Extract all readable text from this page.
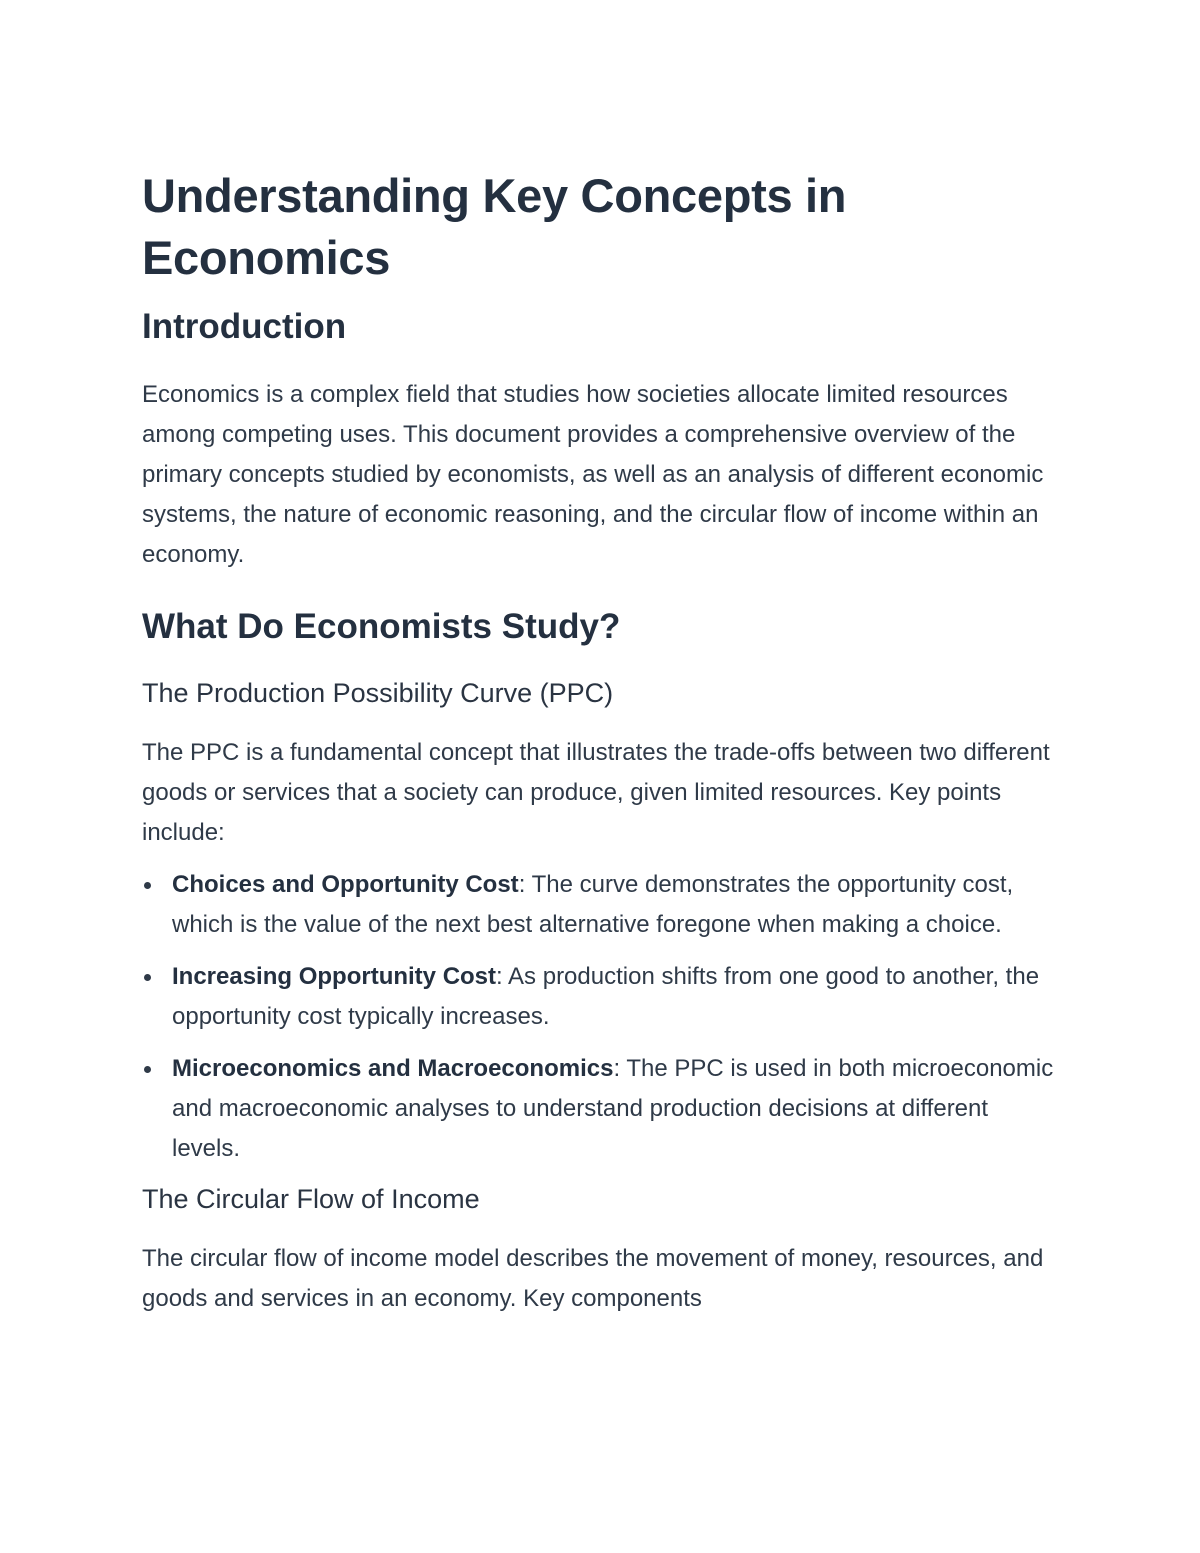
Understanding Key Concepts in Economics
Introduction

Economics is a complex field that studies how societies allocate limited resources among competing uses. This document provides a comprehensive overview of the primary concepts studied by economists, as well as an analysis of different economic systems, the nature of economic reasoning, and the circular flow of income within an economy.

What Do Economists Study?
The Production Possibility Curve (PPC)

The PPC is a fundamental concept that illustrates the trade-offs between two different goods or services that a society can produce, given limited resources. Key points include:

Choices and Opportunity Cost: The curve demonstrates the opportunity cost, which is the value of the next best alternative foregone when making a choice.
Increasing Opportunity Cost: As production shifts from one good to another, the opportunity cost typically increases.
Microeconomics and Macroeconomics: The PPC is used in both microeconomic and macroeconomic analyses to understand production decisions at different levels.
The Circular Flow of Income

The circular flow of income model describes the movement of money, resources, and goods and services in an economy. Key components
